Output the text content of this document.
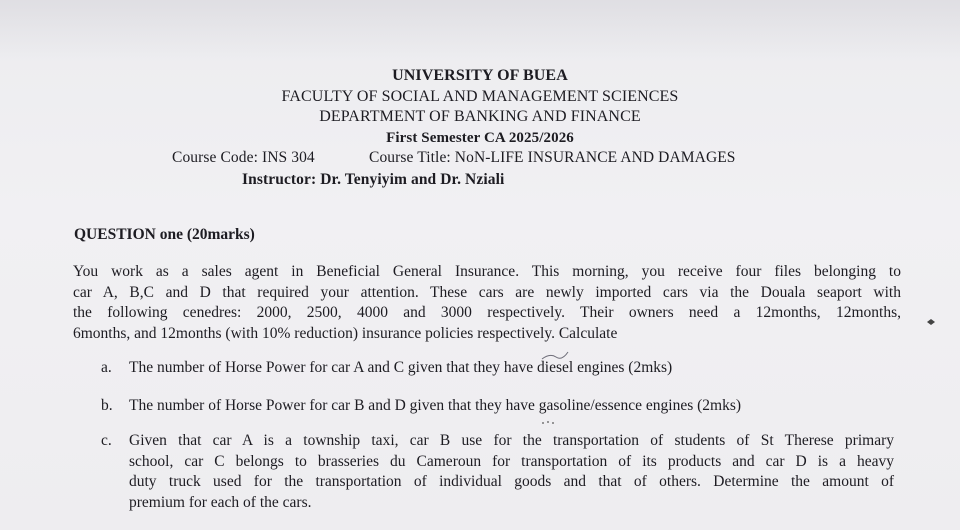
UNIVERSITY OF BUEA
FACULTY OF SOCIAL AND MANAGEMENT SCIENCES
DEPARTMENT OF BANKING AND FINANCE
First Semester CA 2025/2026
Course Code: INS 304	Course Title: NoN-LIFE INSURANCE AND DAMAGES
Instructor: Dr. Tenyiyim and Dr. Nziali
QUESTION one (20marks)
You work as a sales agent in Beneficial General Insurance. This morning, you receive four files belonging to
car A, B,C and D that required your attention. These cars are newly imported cars via the Douala seaport with
the following cenedres: 2000, 2500, 4000 and 3000 respectively. Their owners need a 12months, 12months,
6months, and 12months (with 10% reduction) insurance policies respectively. Calculate
a. The number of Horse Power for car A and C given that they have diesel engines (2mks)
b. The number of Horse Power for car B and D given that they have gasoline/essence engines (2mks)
c. Given that car A is a township taxi, car B use for the transportation of students of St Therese primary
school, car C belongs to brasseries du Cameroun for transportation of its products and car D is a heavy
duty truck used for the transportation of individual goods and that of others. Determine the amount of
premium for each of the cars.
